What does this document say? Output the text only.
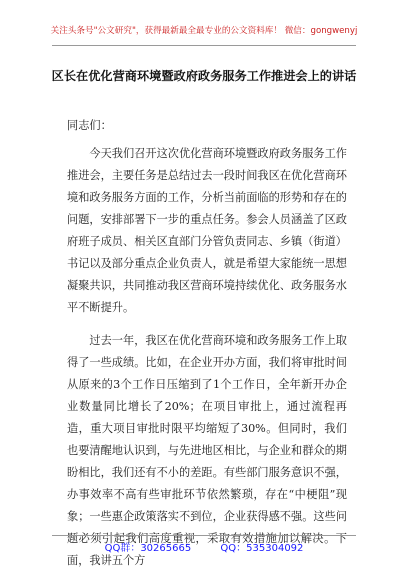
关注头条号"公文研究"，获得最新最全最专业的公文资料库！ 微信：gongwenyj
区长在优化营商环境暨政府政务服务工作推进会上的讲话

同志们：

今天我们召开这次优化营商环境暨政府政务服务工作推进会，主要任务是总结过去一段时间我区在优化营商环境和政务服务方面的工作，分析当前面临的形势和存在的问题，安排部署下一步的重点任务。参会人员涵盖了区政府班子成员、相关区直部门分管负责同志、乡镇（街道）书记以及部分重点企业负责人，就是希望大家能统一思想凝聚共识，共同推动我区营商环境持续优化、政务服务水平不断提升。

过去一年，我区在优化营商环境和政务服务工作上取得了一些成绩。比如，在企业开办方面，我们将审批时间从原来的3个工作日压缩到了1个工作日，全年新开办企业数量同比增长了20%；在项目审批上，通过流程再造，重大项目审批时限平均缩短了30%。但同时，我们也要清醒地认识到，与先进地区相比，与企业和群众的期盼相比，我们还有不小的差距。有些部门服务意识不强，办事效率不高有些审批环节依然繁琐，存在“中梗阻”现象；一些惠企政策落实不到位，企业获得感不强。这些问题必须引起我们高度重视，采取有效措施加以解决。下面，我讲五个方

QQ群：30265665	QQ：535304092
